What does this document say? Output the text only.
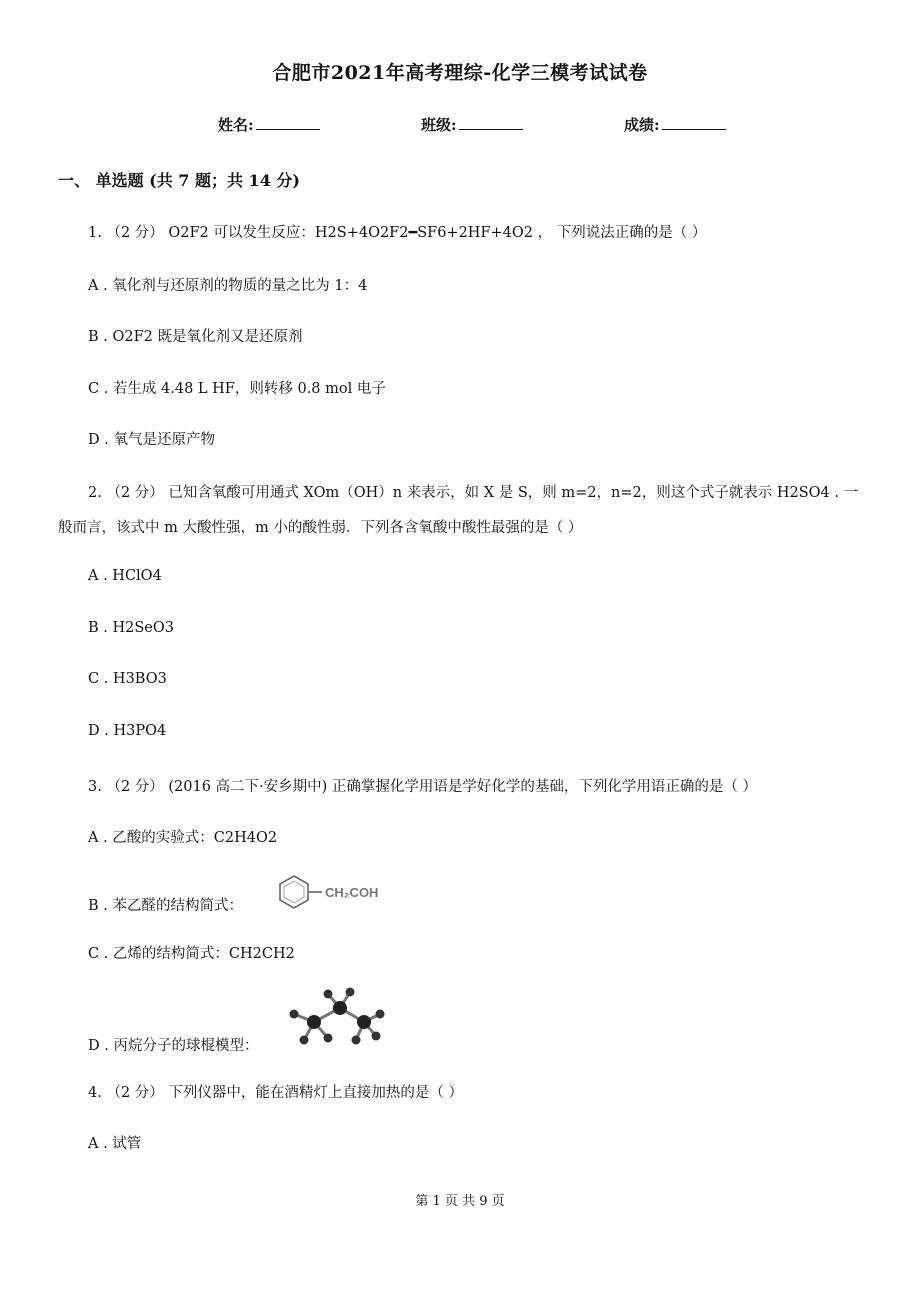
合肥市2021年高考理综-化学三模考试试卷
姓名:	班级:	成绩:
一、 单选题 (共 7 题；共 14 分)
1. （2 分） O2F2 可以发生反应：H2S+4O2F2━SF6+2HF+4O2 ， 下列说法正确的是（ ）
A . 氧化剂与还原剂的物质的量之比为 1：4
B . O2F2 既是氧化剂又是还原剂
C . 若生成 4.48 L HF，则转移 0.8 mol 电子
D . 氧气是还原产物
2. （2 分） 已知含氧酸可用通式 XOm（OH）n 来表示，如 X 是 S，则 m=2，n=2，则这个式子就表示 H2SO4 . 一
般而言，该式中 m 大酸性强，m 小的酸性弱．下列各含氧酸中酸性最强的是（ ）
A . HClO4
B . H2SeO3
C . H3BO3
D . H3PO4
3. （2 分） (2016 高二下·安乡期中) 正确掌握化学用语是学好化学的基础，下列化学用语正确的是（ ）
A . 乙酸的实验式：C2H4O2
B . 苯乙醛的结构简式：
CH₂COH
C . 乙烯的结构简式：CH2CH2
D . 丙烷分子的球棍模型：
4. （2 分） 下列仪器中，能在酒精灯上直接加热的是（ ）
A . 试管
第 1 页 共 9 页
